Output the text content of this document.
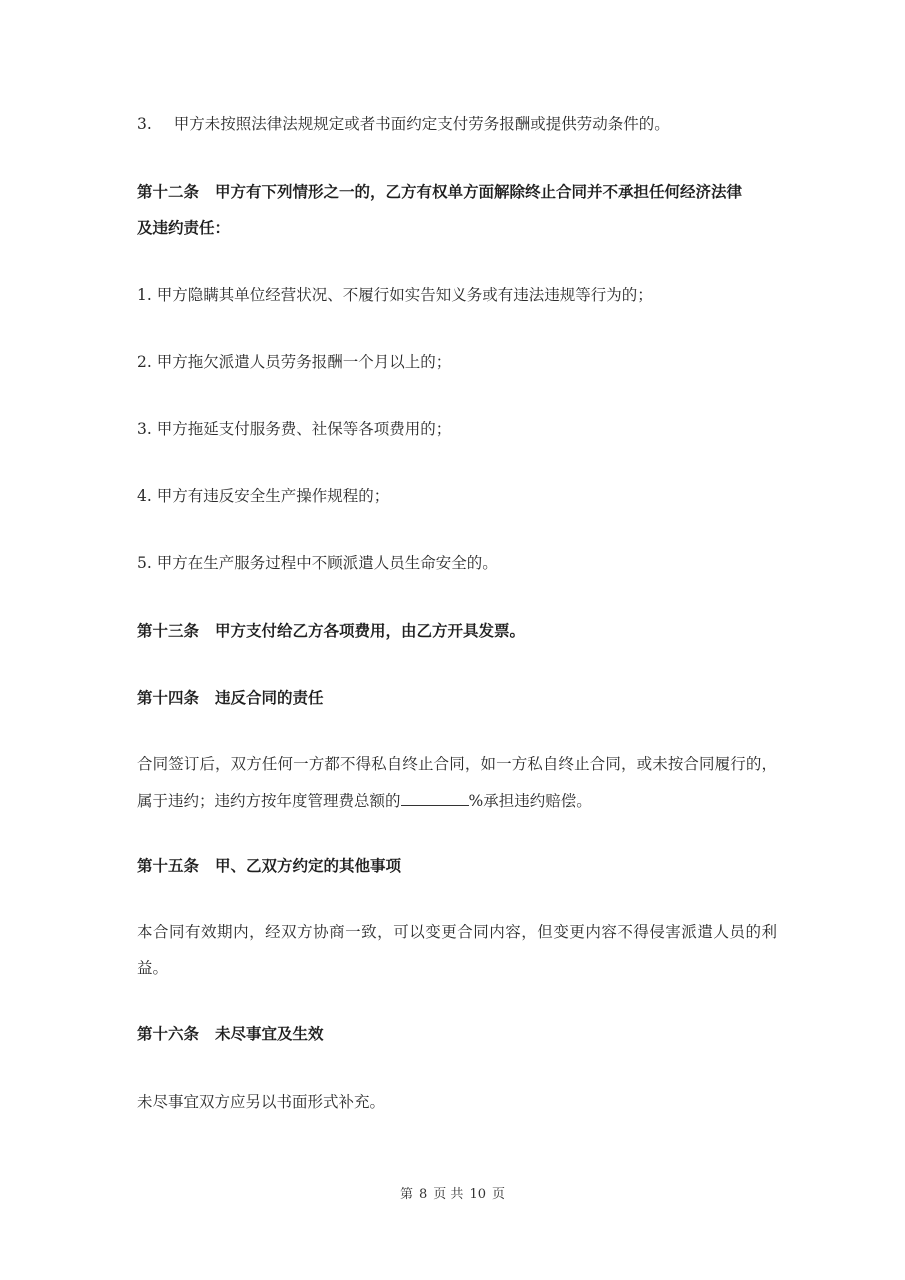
3. 甲方未按照法律法规规定或者书面约定支付劳务报酬或提供劳动条件的。
第十二条 甲方有下列情形之一的，乙方有权单方面解除终止合同并不承担任何经济法律
及违约责任：
1. 甲方隐瞒其单位经营状况、不履行如实告知义务或有违法违规等行为的；
2. 甲方拖欠派遣人员劳务报酬一个月以上的；
3. 甲方拖延支付服务费、社保等各项费用的；
4. 甲方有违反安全生产操作规程的；
5. 甲方在生产服务过程中不顾派遣人员生命安全的。
第十三条 甲方支付给乙方各项费用，由乙方开具发票。
第十四条 违反合同的责任
合同签订后，双方任何一方都不得私自终止合同，如一方私自终止合同，或未按合同履行的，
属于违约；违约方按年度管理费总额的	%承担违约赔偿。
第十五条 甲、乙双方约定的其他事项
本合同有效期内，经双方协商一致，可以变更合同内容，但变更内容不得侵害派遣人员的利
益。
第十六条 未尽事宜及生效
未尽事宜双方应另以书面形式补充。
第 8 页 共 10 页
